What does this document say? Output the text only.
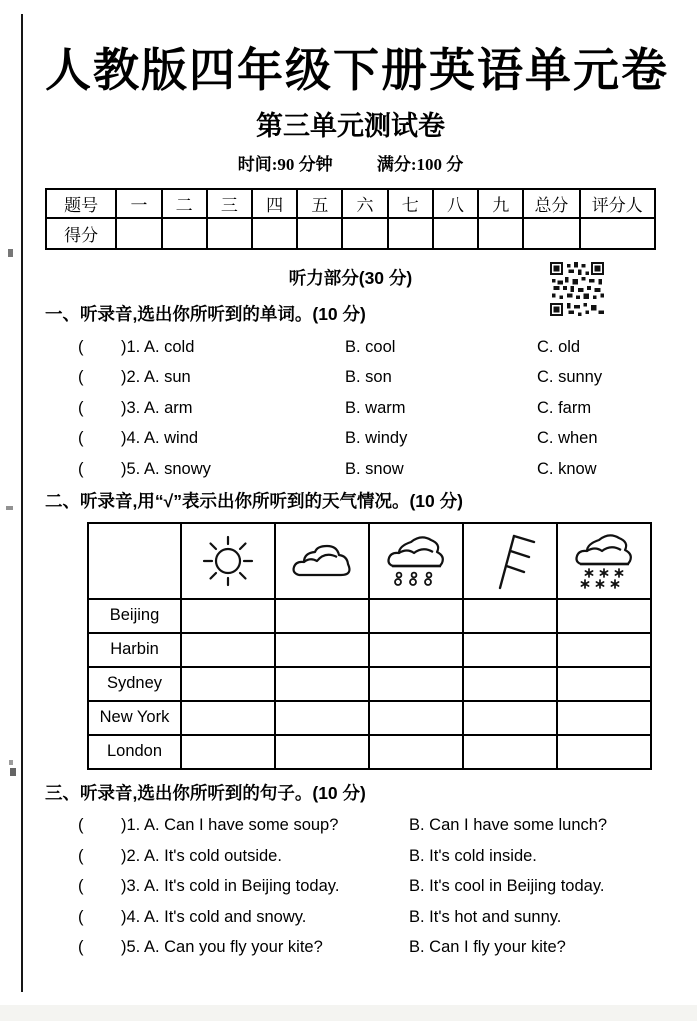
人教版四年级下册英语单元卷
第三单元测试卷
时间:90 分钟	满分:100 分
题号	一	二	三	四	五	六	七	八	九	总分	评分人
得分											
听力部分(30 分)
一、听录音,选出你所听到的单词。(10 分)
(	)1. A. cold	B. cool	C. old
(	)2. A. sun	B. son	C. sunny
(	)3. A. arm	B. warm	C. farm
(	)4. A. wind	B. windy	C. when
(	)5. A. snowy	B. snow	C. know
二、听录音,用“√”表示出你所听到的天气情况。(10 分)

Beijing					
Harbin					
Sydney					
New York					
London					
三、听录音,选出你所听到的句子。(10 分)
(	)1. A. Can I have some soup?	B. Can I have some lunch?
(	)2. A. It's cold outside.	B. It's cold inside.
(	)3. A. It's cold in Beijing today.	B. It's cool in Beijing today.
(	)4. A. It's cold and snowy.	B. It's hot and sunny.
(	)5. A. Can you fly your kite?	B. Can I fly your kite?
